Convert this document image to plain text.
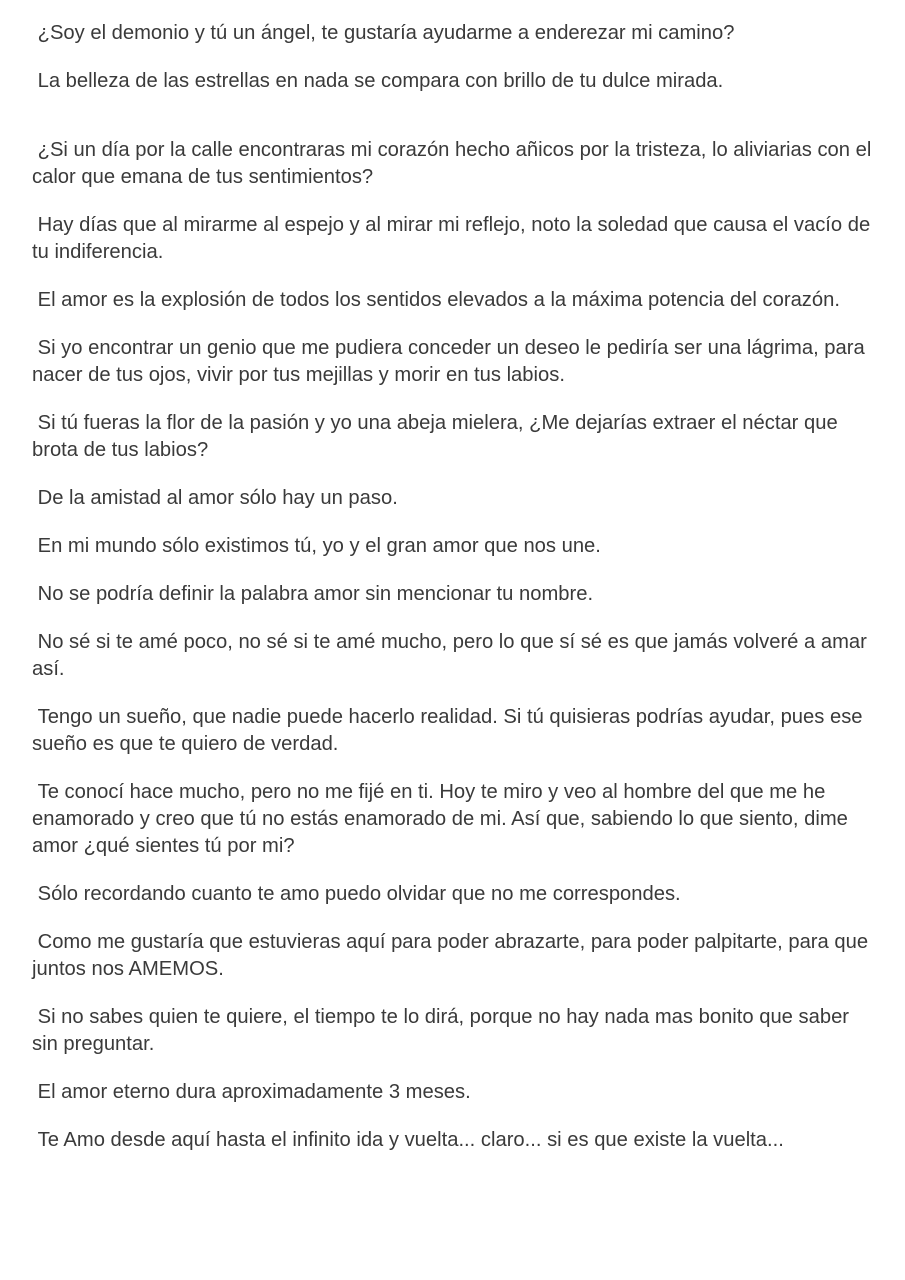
¿Soy el demonio y tú un ángel, te gustaría ayudarme a enderezar mi camino?

La belleza de las estrellas en nada se compara con brillo de tu dulce mirada.

¿Si un día por la calle encontraras mi corazón hecho añicos por la tristeza, lo aliviarias con el calor que emana de tus sentimientos?

Hay días que al mirarme al espejo y al mirar mi reflejo, noto la soledad que causa el vacío de tu indiferencia.

El amor es la explosión de todos los sentidos elevados a la máxima potencia del corazón.

Si yo encontrar un genio que me pudiera conceder un deseo le pediría ser una lágrima, para nacer de tus ojos, vivir por tus mejillas y morir en tus labios.

Si tú fueras la flor de la pasión y yo una abeja mielera, ¿Me dejarías extraer el néctar que brota de tus labios?

De la amistad al amor sólo hay un paso.

En mi mundo sólo existimos tú, yo y el gran amor que nos une.

No se podría definir la palabra amor sin mencionar tu nombre.

No sé si te amé poco, no sé si te amé mucho, pero lo que sí sé es que jamás volveré a amar así.

Tengo un sueño, que nadie puede hacerlo realidad. Si tú quisieras podrías ayudar, pues ese sueño es que te quiero de verdad.

Te conocí hace mucho, pero no me fijé en ti. Hoy te miro y veo al hombre del que me he enamorado y creo que tú no estás enamorado de mi. Así que, sabiendo lo que siento, dime amor ¿qué sientes tú por mi?

Sólo recordando cuanto te amo puedo olvidar que no me correspondes.

Como me gustaría que estuvieras aquí para poder abrazarte, para poder palpitarte, para que juntos nos AMEMOS.

Si no sabes quien te quiere, el tiempo te lo dirá, porque no hay nada mas bonito que saber sin preguntar.

El amor eterno dura aproximadamente 3 meses.

Te Amo desde aquí hasta el infinito ida y vuelta... claro... si es que existe la vuelta...
